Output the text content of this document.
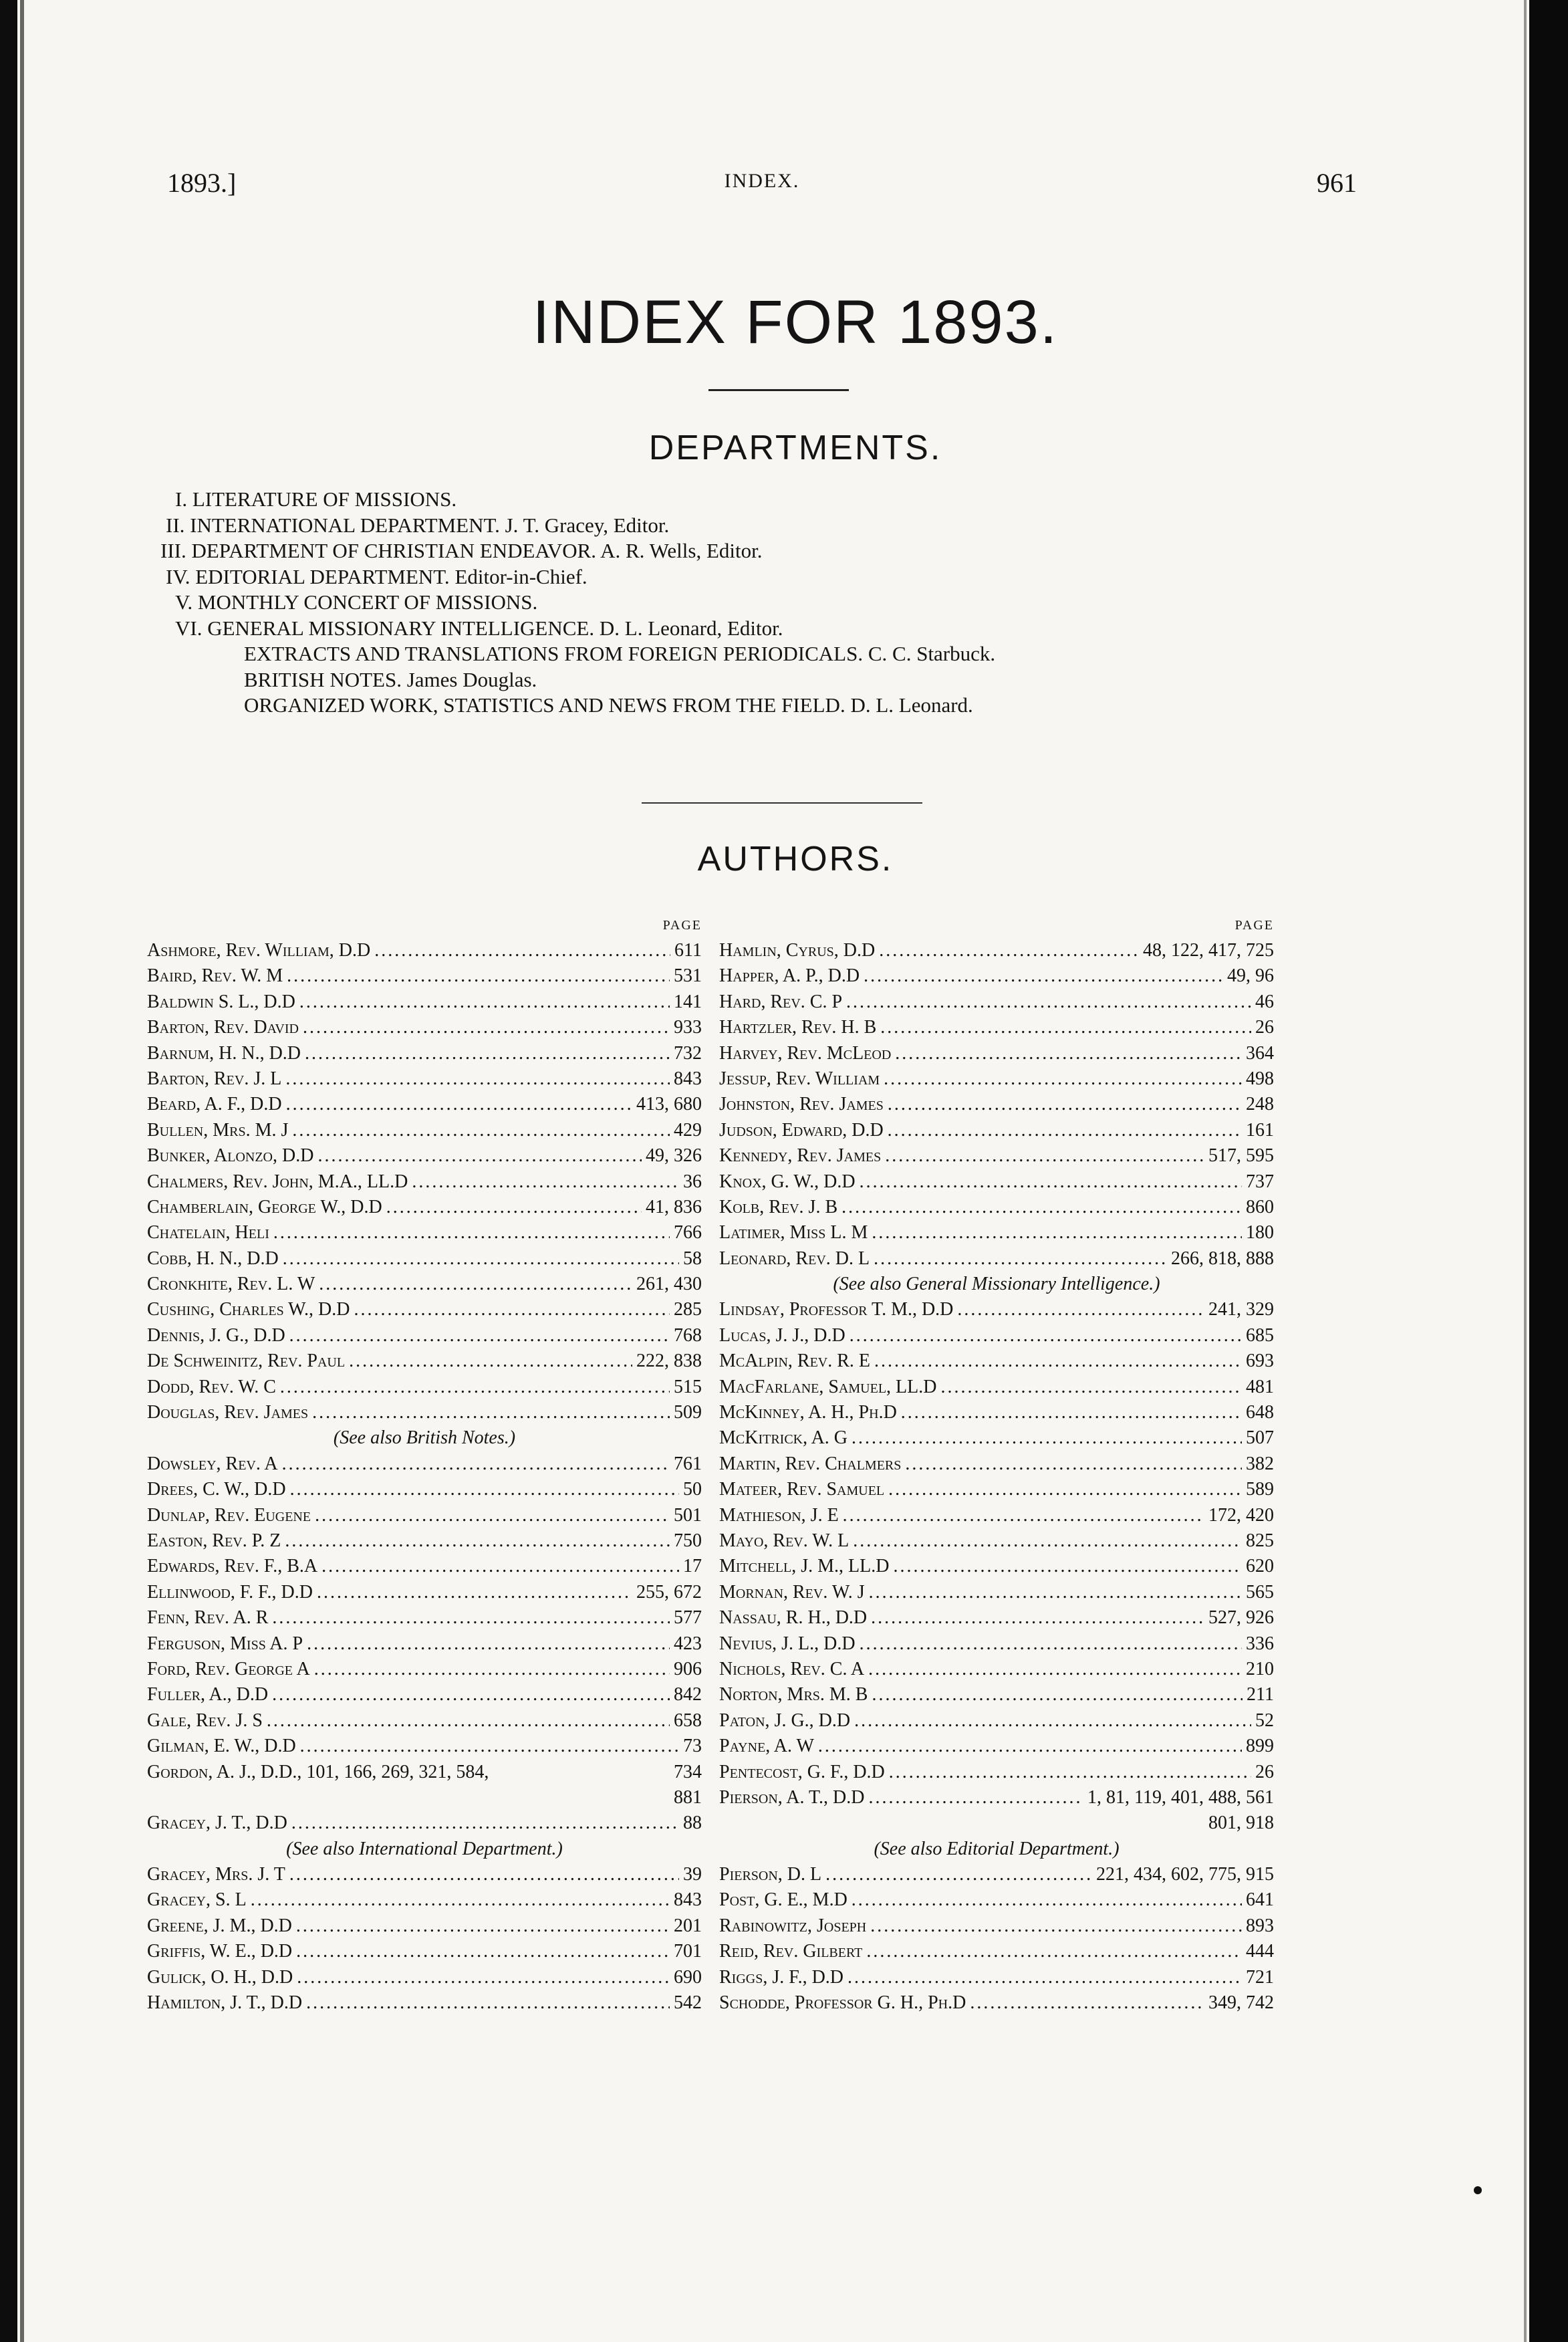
1893.]	INDEX.	961
INDEX FOR 1893.
DEPARTMENTS.
I. LITERATURE OF MISSIONS.
II. INTERNATIONAL DEPARTMENT. J. T. Gracey, Editor.
III. DEPARTMENT OF CHRISTIAN ENDEAVOR. A. R. Wells, Editor.
IV. EDITORIAL DEPARTMENT. Editor-in-Chief.
V. MONTHLY CONCERT OF MISSIONS.
VI. GENERAL MISSIONARY INTELLIGENCE. D. L. Leonard, Editor.
EXTRACTS AND TRANSLATIONS FROM FOREIGN PERIODICALS. C. C. Starbuck.
BRITISH NOTES. James Douglas.
ORGANIZED WORK, STATISTICS AND NEWS FROM THE FIELD. D. L. Leonard.
AUTHORS.
PAGE
Ashmore, Rev. William, D.D .....	611
Baird, Rev. W. M .....	531
Baldwin S. L., D.D .....	141
Barton, Rev. David .....	933
Barnum, H. N., D.D .....	732
Barton, Rev. J. L .....	843
Beard, A. F., D.D .....	413, 680
Bullen, Mrs. M. J .....	429
Bunker, Alonzo, D.D .....	49, 326
Chalmers, Rev. John, M.A., LL.D .....	36
Chamberlain, George W., D.D .....	41, 836
Chatelain, Heli .....	766
Cobb, H. N., D.D .....	58
Cronkhite, Rev. L. W .....	261, 430
Cushing, Charles W., D.D .....	285
Dennis, J. G., D.D .....	768
De Schweinitz, Rev. Paul .....	222, 838
Dodd, Rev. W. C .....	515
Douglas, Rev. James .....	509
(See also British Notes.)
Dowsley, Rev. A .....	761
Drees, C. W., D.D .....	50
Dunlap, Rev. Eugene .....	501
Easton, Rev. P. Z .....	750
Edwards, Rev. F., B.A .....	17
Ellinwood, F. F., D.D .....	255, 672
Fenn, Rev. A. R .....	577
Ferguson, Miss A. P .....	423
Ford, Rev. George A .....	906
Fuller, A., D.D .....	842
Gale, Rev. J. S .....	658
Gilman, E. W., D.D .....	73
Gordon, A. J., D.D., 101, 166, 269, 321, 584,	734
881
Gracey, J. T., D.D .....	88
(See also International Department.)
Gracey, Mrs. J. T .....	39
Gracey, S. L .....	843
Greene, J. M., D.D .....	201
Griffis, W. E., D.D .....	701
Gulick, O. H., D.D .....	690
Hamilton, J. T., D.D .....	542
PAGE
Hamlin, Cyrus, D.D .....	48, 122, 417, 725
Happer, A. P., D.D .....	49, 96
Hard, Rev. C. P .....	46
Hartzler, Rev. H. B .....	26
Harvey, Rev. McLeod .....	364
Jessup, Rev. William .....	498
Johnston, Rev. James .....	248
Judson, Edward, D.D .....	161
Kennedy, Rev. James .....	517, 595
Knox, G. W., D.D .....	737
Kolb, Rev. J. B .....	860
Latimer, Miss L. M .....	180
Leonard, Rev. D. L .....	266, 818, 888
(See also General Missionary Intelligence.)
Lindsay, Professor T. M., D.D .....	241, 329
Lucas, J. J., D.D .....	685
McAlpin, Rev. R. E .....	693
MacFarlane, Samuel, LL.D .....	481
McKinney, A. H., Ph.D .....	648
McKitrick, A. G .....	507
Martin, Rev. Chalmers .....	382
Mateer, Rev. Samuel .....	589
Mathieson, J. E .....	172, 420
Mayo, Rev. W. L .....	825
Mitchell, J. M., LL.D .....	620
Mornan, Rev. W. J .....	565
Nassau, R. H., D.D .....	527, 926
Nevius, J. L., D.D .....	336
Nichols, Rev. C. A .....	210
Norton, Mrs. M. B .....	211
Paton, J. G., D.D .....	52
Payne, A. W .....	899
Pentecost, G. F., D.D .....	26
Pierson, A. T., D.D .....	1, 81, 119, 401, 488, 561
801, 918
(See also Editorial Department.)
Pierson, D. L .....	221, 434, 602, 775, 915
Post, G. E., M.D .....	641
Rabinowitz, Joseph .....	893
Reid, Rev. Gilbert .....	444
Riggs, J. F., D.D .....	721
Schodde, Professor G. H., Ph.D .....	349, 742
